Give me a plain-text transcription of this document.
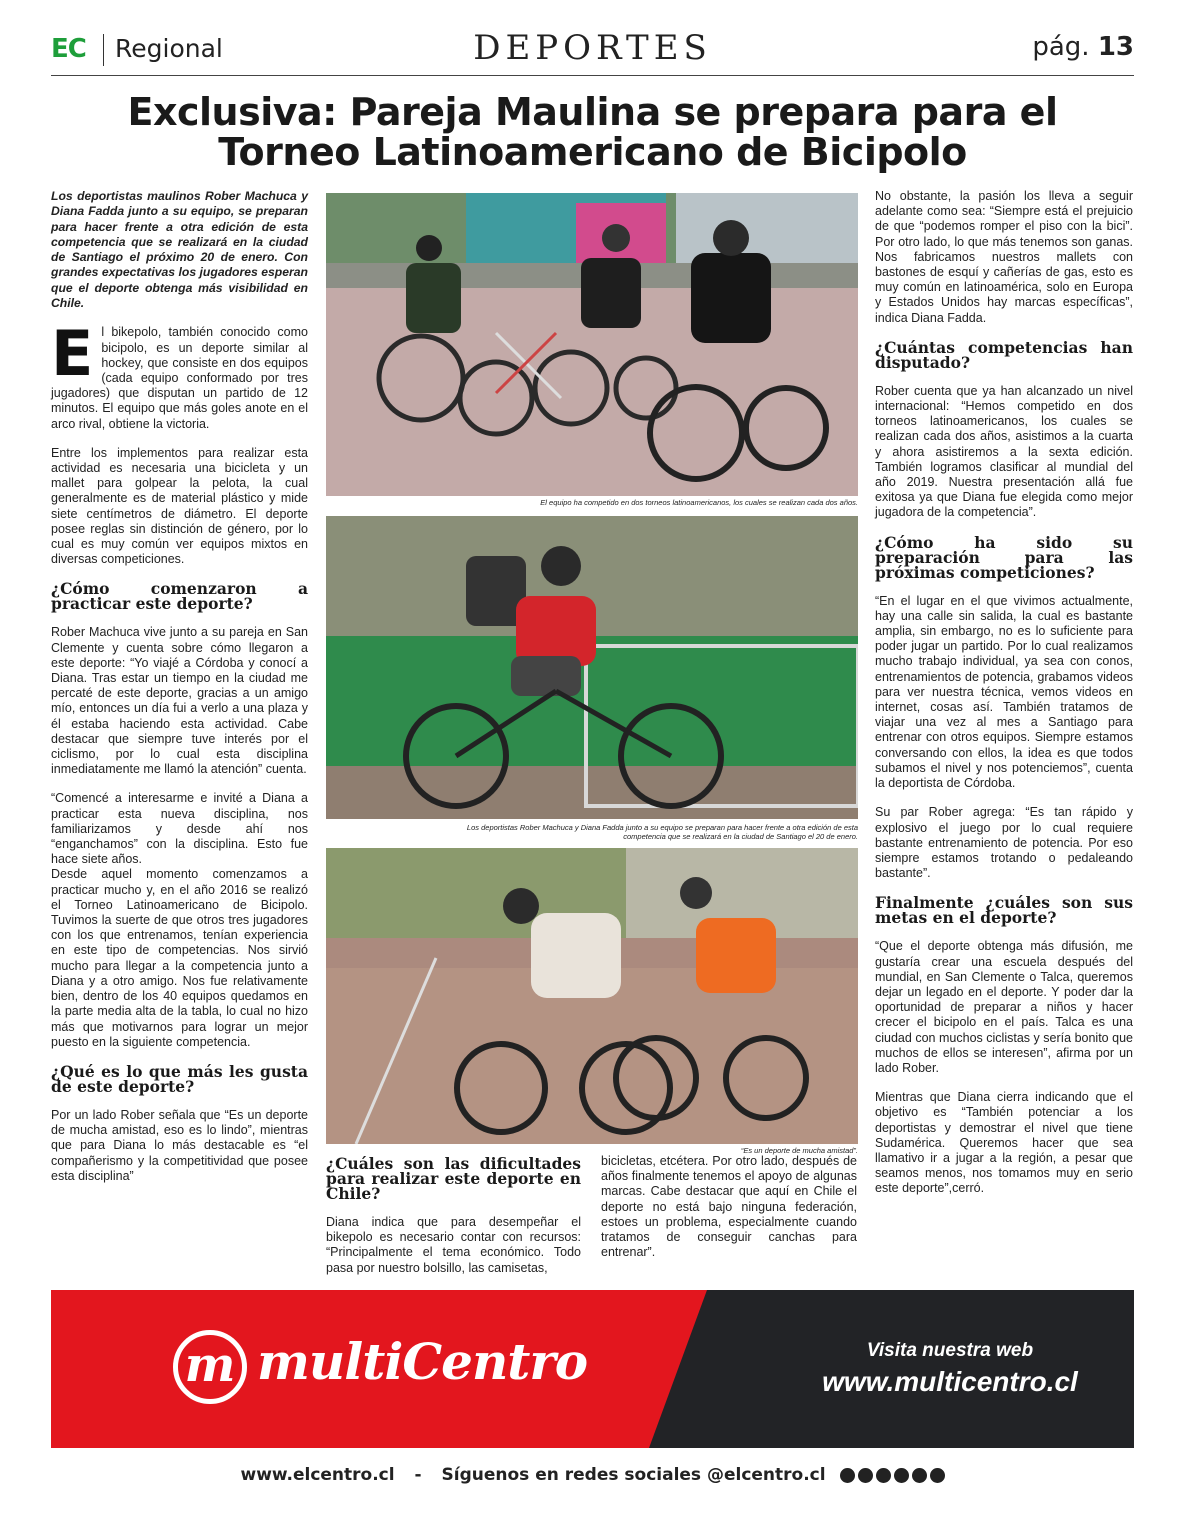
EC Regional	DEPORTES	pág. 13
Exclusiva: Pareja Maulina se prepara para el Torneo Latinoamericano de Bicipolo

Los deportistas maulinos Rober Machuca y Diana Fadda junto a su equipo, se preparan para hacer frente a otra edición de esta competencia que se realizará en la ciudad de Santiago el próximo 20 de enero. Con grandes expectativas los jugadores esperan que el deporte obtenga más visibilidad en Chile.

El bikepolo, también conocido como bicipolo, es un deporte similar al hockey, que consiste en dos equipos (cada equipo conformado por tres jugadores) que disputan un partido de 12 minutos. El equipo que más goles anote en el arco rival, obtiene la victoria.

Entre los implementos para realizar esta actividad es necesaria una bicicleta y un mallet para golpear la pelota, la cual generalmente es de material plástico y mide siete centímetros de diámetro. El deporte posee reglas sin distinción de género, por lo cual es muy común ver equipos mixtos en diversas competiciones.

¿Cómo comenzaron a practicar este deporte?

Rober Machuca vive junto a su pareja en San Clemente y cuenta sobre cómo llegaron a este deporte: “Yo viajé a Córdoba y conocí a Diana. Tras estar un tiempo en la ciudad me percaté de este deporte, gracias a un amigo mío, entonces un día fui a verlo a una plaza y él estaba haciendo esta actividad. Cabe destacar que siempre tuve interés por el ciclismo, por lo cual esta disciplina inmediatamente me llamó la atención” cuenta.

“Comencé a interesarme e invité a Diana a practicar esta nueva disciplina, nos familiarizamos y desde ahí nos “enganchamos” con la disciplina. Esto fue hace siete años.

Desde aquel momento comenzamos a practicar mucho y, en el año 2016 se realizó el Torneo Latinoamericano de Bicipolo. Tuvimos la suerte de que otros tres jugadores con los que entrenamos, tenían experiencia en este tipo de competencias. Nos sirvió mucho para llegar a la competencia junto a Diana y a otro amigo. Nos fue relativamente bien, dentro de los 40 equipos quedamos en la parte media alta de la tabla, lo cual no hizo más que motivarnos para lograr un mejor puesto en la siguiente competencia.

¿Qué es lo que más les gusta de este deporte?

Por un lado Rober señala que “Es un deporte de mucha amistad, eso es lo lindo”, mientras que para Diana lo más destacable es “el compañerismo y la competitividad que posee esta disciplina”

El equipo ha competido en dos torneos latinoamericanos, los cuales se realizan cada dos años.
Los deportistas Rober Machuca y Diana Fadda junto a su equipo se preparan para hacer frente a otra edición de esta competencia que se realizará en la ciudad de Santiago el 20 de enero.
“Es un deporte de mucha amistad”.
¿Cuáles son las dificultades para realizar este deporte en Chile?

Diana indica que para desempeñar el bikepolo es necesario contar con recursos: “Principalmente el tema económico. Todo pasa por nuestro bolsillo, las camisetas,

bicicletas, etcétera. Por otro lado, después de años finalmente tenemos el apoyo de algunas marcas. Cabe destacar que aquí en Chile el deporte no está bajo ninguna federación, estoes un problema, especialmente cuando tratamos de conseguir canchas para entrenar”.

No obstante, la pasión los lleva a seguir adelante como sea: “Siempre está el prejuicio de que “podemos romper el piso con la bici”. Por otro lado, lo que más tenemos son ganas. Nos fabricamos nuestros mallets con bastones de esquí y cañerías de gas, esto es muy común en latinoamérica, solo en Europa y Estados Unidos hay marcas específicas”, indica Diana Fadda.

¿Cuántas competencias han disputado?

Rober cuenta que ya han alcanzado un nivel internacional: “Hemos competido en dos torneos latinoamericanos, los cuales se realizan cada dos años, asistimos a la cuarta y ahora asistiremos a la sexta edición. También logramos clasificar al mundial del año 2019. Nuestra presentación allá fue exitosa ya que Diana fue elegida como mejor jugadora de la competencia”.

¿Cómo ha sido su preparación para las próximas competiciones?

“En el lugar en el que vivimos actualmente, hay una calle sin salida, la cual es bastante amplia, sin embargo, no es lo suficiente para poder jugar un partido. Por lo cual realizamos mucho trabajo individual, ya sea con conos, entrenamientos de potencia, grabamos videos para ver nuestra técnica, vemos videos en internet, cosas así. También tratamos de viajar una vez al mes a Santiago para entrenar con otros equipos. Siempre estamos conversando con ellos, la idea es que todos subamos el nivel y nos potenciemos”, cuenta la deportista de Córdoba.

Su par Rober agrega: “Es tan rápido y explosivo el juego por lo cual requiere bastante entrenamiento de potencia. Por eso siempre estamos trotando o pedaleando bastante”.

Finalmente ¿cuáles son sus metas en el deporte?

“Que el deporte obtenga más difusión, me gustaría crear una escuela después del mundial, en San Clemente o Talca, queremos dejar un legado en el deporte. Y poder dar la oportunidad de preparar a niños y hacer crecer el bicipolo en el país. Talca es una ciudad con muchos ciclistas y sería bonito que muchos de ellos se interesen”, afirma por un lado Rober.

Mientras que Diana cierra indicando que el objetivo es “También potenciar a los deportistas y demostrar el nivel que tiene Sudamérica. Queremos hacer que sea llamativo ir a jugar a la región, a pesar que seamos menos, nos tomamos muy en serio este deporte”,cerró.

m multiCentro	Visita nuestra web
www.multicentro.cl
www.elcentro.cl - Síguenos en redes sociales @elcentro.cl
